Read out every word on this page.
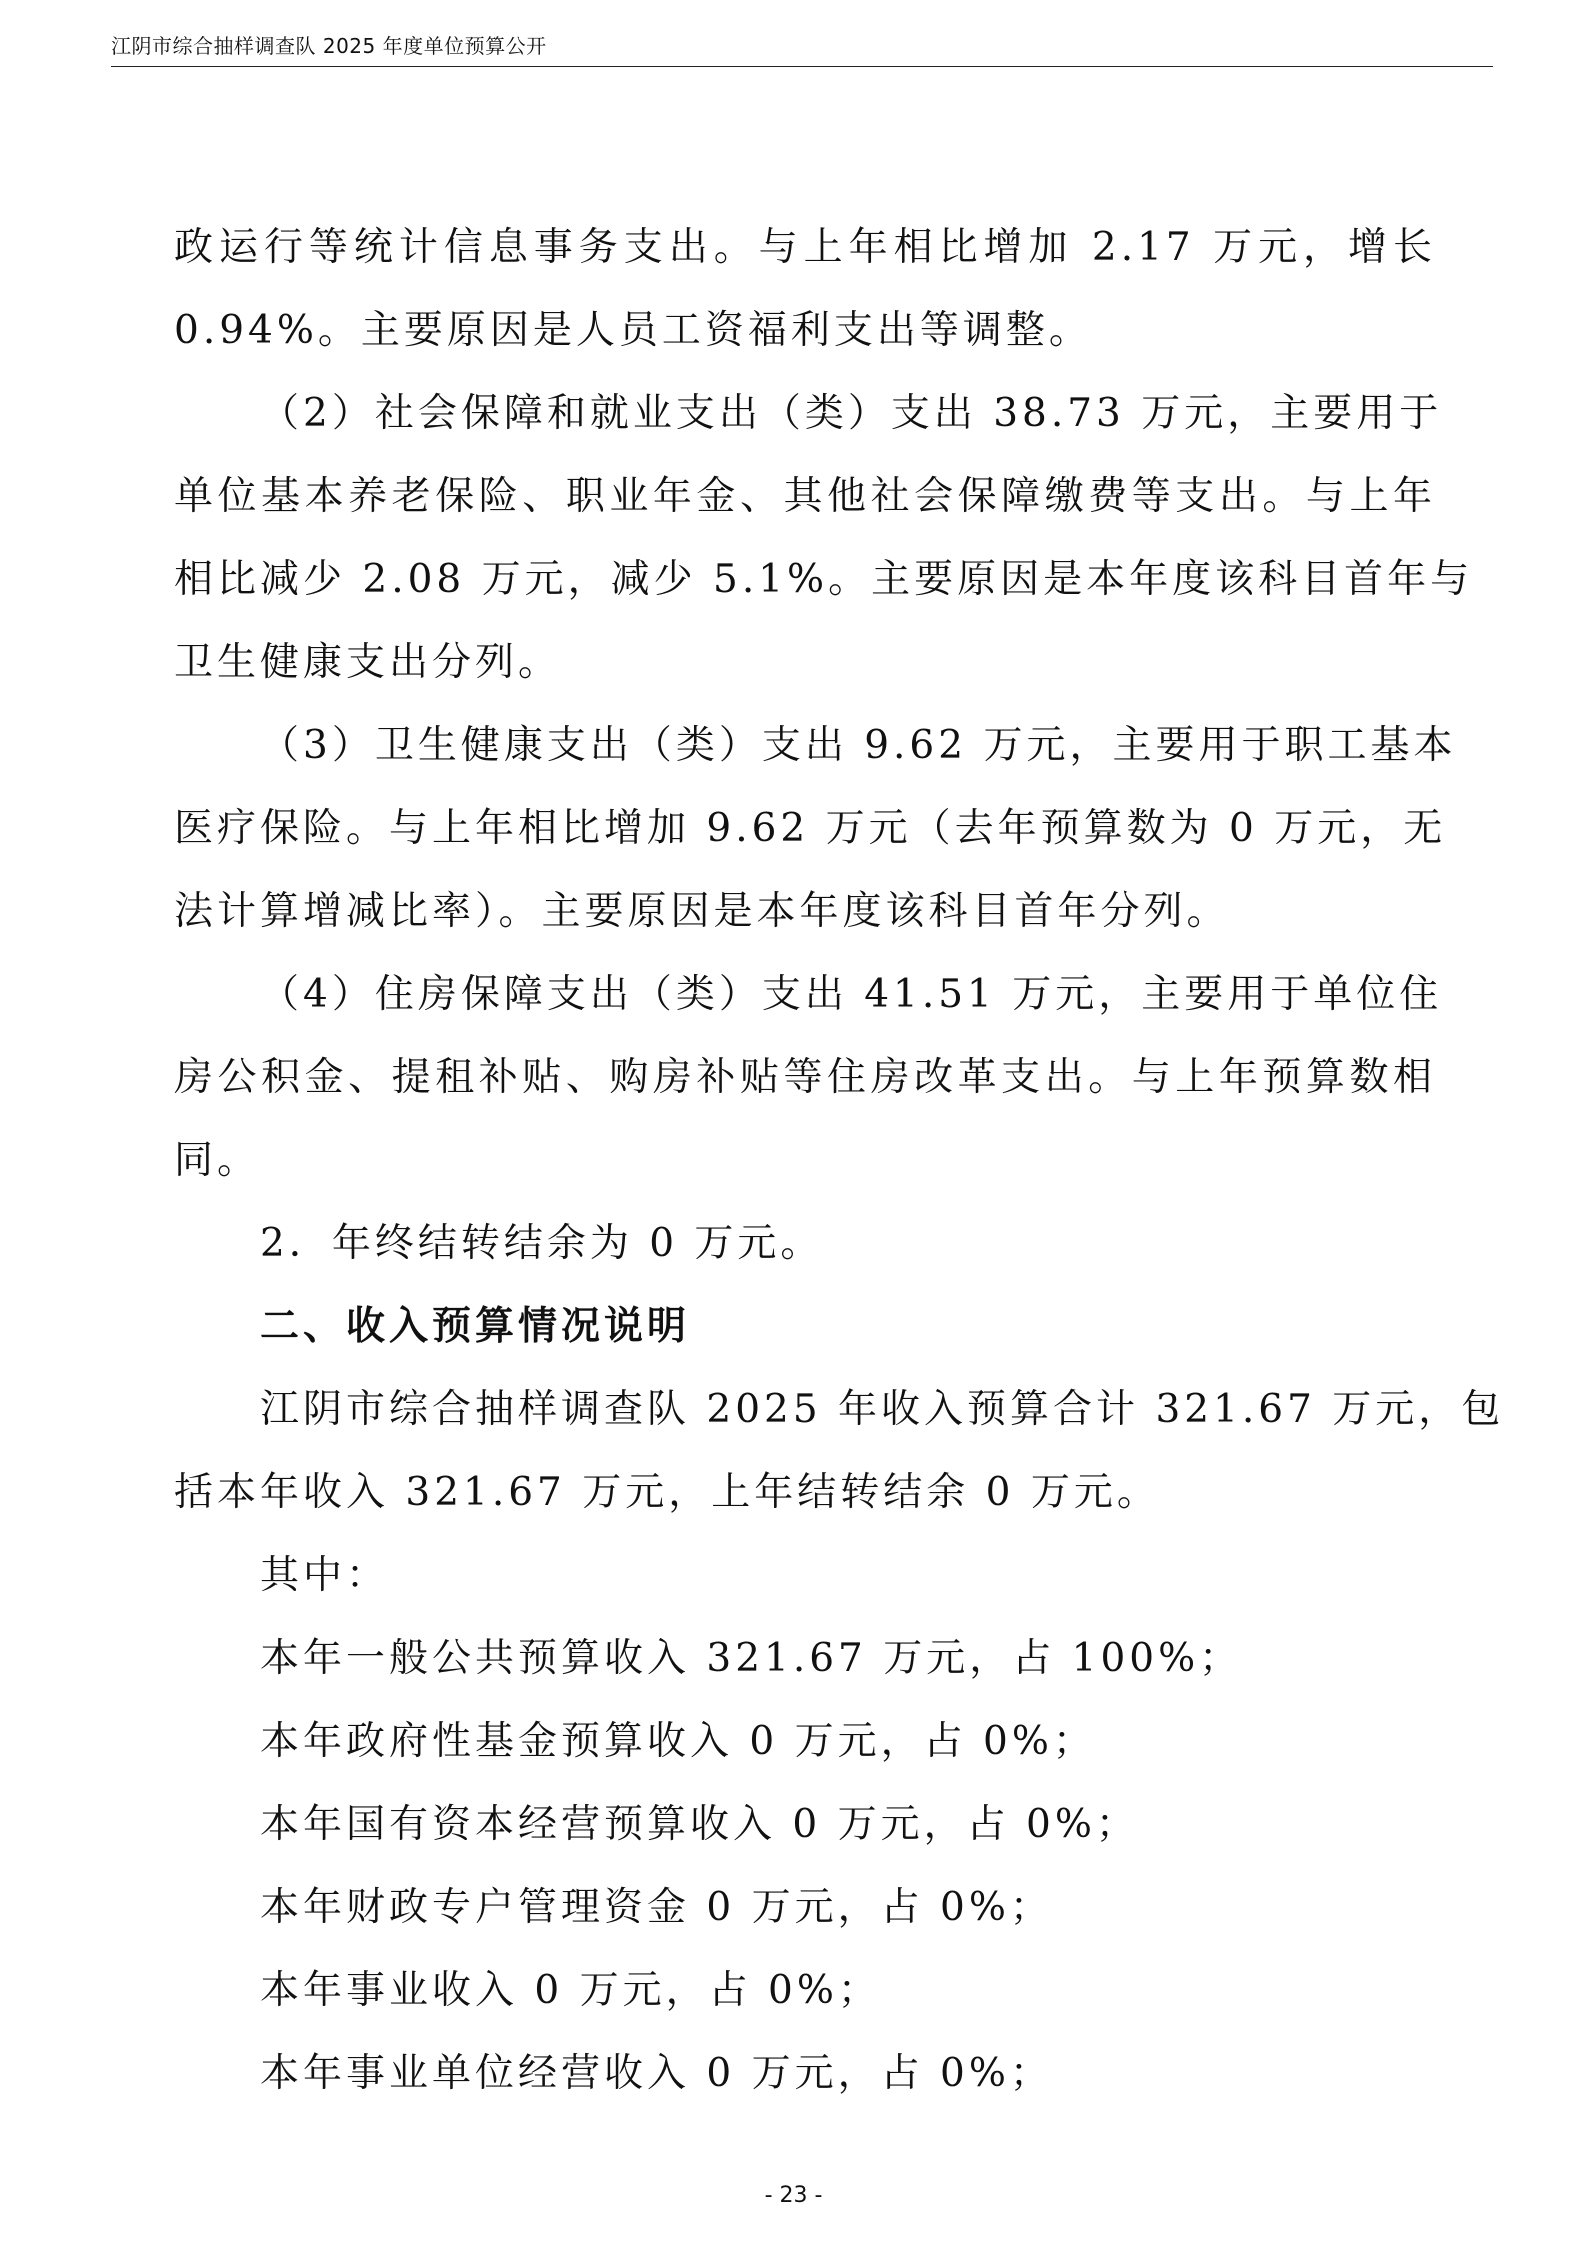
江阴市综合抽样调查队 2025 年度单位预算公开
政运行等统计信息事务支出。与上年相比增加 2.17 万元，增长
0.94%。主要原因是人员工资福利支出等调整。
（2）社会保障和就业支出（类）支出 38.73 万元，主要用于
单位基本养老保险、职业年金、其他社会保障缴费等支出。与上年
相比减少 2.08 万元，减少 5.1%。主要原因是本年度该科目首年与
卫生健康支出分列。
（3）卫生健康支出（类）支出 9.62 万元，主要用于职工基本
医疗保险。与上年相比增加 9.62 万元（去年预算数为 0 万元，无
法计算增减比率）。主要原因是本年度该科目首年分列。
（4）住房保障支出（类）支出 41.51 万元，主要用于单位住
房公积金、提租补贴、购房补贴等住房改革支出。与上年预算数相
同。
2．年终结转结余为 0 万元。
二、收入预算情况说明
江阴市综合抽样调查队 2025 年收入预算合计 321.67 万元，包
括本年收入 321.67 万元，上年结转结余 0 万元。
其中：
本年一般公共预算收入 321.67 万元，占 100%；
本年政府性基金预算收入 0 万元，占 0%；
本年国有资本经营预算收入 0 万元，占 0%；
本年财政专户管理资金 0 万元，占 0%；
本年事业收入 0 万元，占 0%；
本年事业单位经营收入 0 万元，占 0%；
- 23 -
